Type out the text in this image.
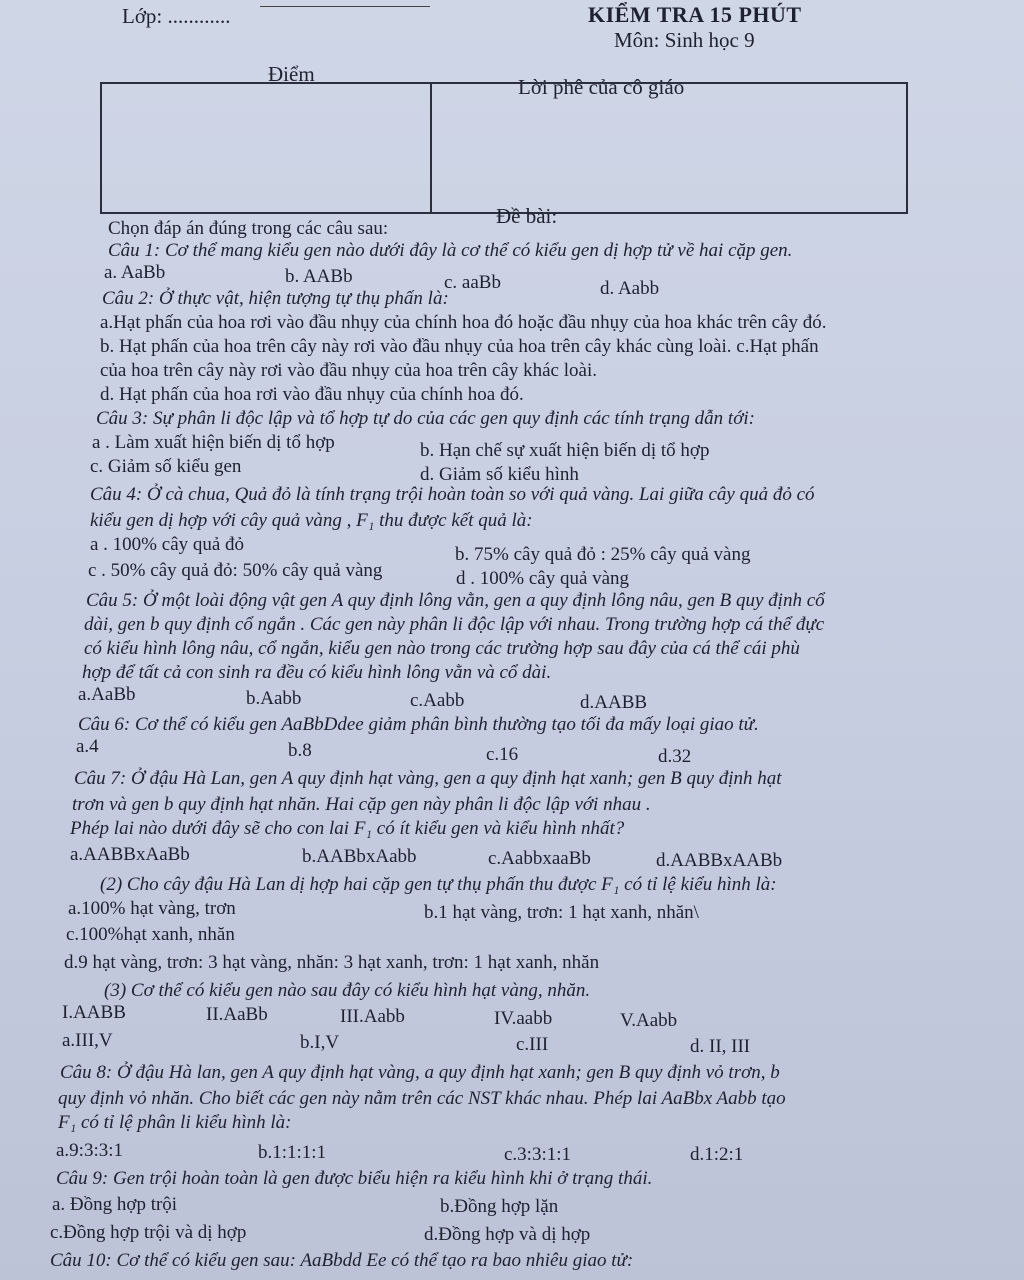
Lớp: ............	KIỂM TRA 15 PHÚT
Môn: Sinh học 9
Điểm
Lời phê của cô giáo
Đề bài:
Chọn đáp án đúng trong các câu sau:
Câu 1: Cơ thể mang kiểu gen nào dưới đây là cơ thể có kiểu gen dị hợp tử về hai cặp gen.
a. AaBb	b. AABb	c. aaBb	d. Aabb
Câu 2: Ở thực vật, hiện tượng tự thụ phấn là:
a.Hạt phấn của hoa rơi vào đầu nhụy của chính hoa đó hoặc đầu nhụy của hoa khác trên cây đó.
b. Hạt phấn của hoa trên cây này rơi vào đầu nhụy của hoa trên cây khác cùng loài. c.Hạt phấn
của hoa trên cây này rơi vào đầu nhụy của hoa trên cây khác loài.
d. Hạt phấn của hoa rơi vào đầu nhụy của chính hoa đó.
Câu 3: Sự phân li độc lập và tổ hợp tự do của các gen quy định các tính trạng dẫn tới:
a . Làm xuất hiện biến dị tổ hợp	b. Hạn chế sự xuất hiện biến dị tổ hợp
c. Giảm số kiểu gen	d. Giảm số kiểu hình
Câu 4: Ở cà chua, Quả đỏ là tính trạng trội hoàn toàn so với quả vàng. Lai giữa cây quả đỏ có
kiểu gen dị hợp với cây quả vàng , F₁ thu được kết quả là:
a . 100% cây quả đỏ	b. 75% cây quả đỏ : 25% cây quả vàng
c . 50% cây quả đỏ: 50% cây quả vàng	d . 100% cây quả vàng
Câu 5: Ở một loài động vật gen A quy định lông vằn, gen a quy định lông nâu, gen B quy định cổ
dài, gen b quy định cổ ngắn . Các gen này phân li độc lập với nhau. Trong trường hợp cá thể đực
có kiểu hình lông nâu, cổ ngắn, kiểu gen nào trong các trường hợp sau đây của cá thể cái phù
hợp để tất cả con sinh ra đều có kiểu hình lông vằn và cổ dài.
a.AaBb	b.Aabb	c.Aabb	d.AABB
Câu 6: Cơ thể có kiểu gen AaBbDdee giảm phân bình thường tạo tối đa mấy loại giao tử.
a.4	b.8	c.16	d.32
Câu 7: Ở đậu Hà Lan, gen A quy định hạt vàng, gen a quy định hạt xanh; gen B quy định hạt
trơn và gen b quy định hạt nhăn. Hai cặp gen này phân li độc lập với nhau .
Phép lai nào dưới đây sẽ cho con lai F₁ có ít kiểu gen và kiểu hình nhất?
a.AABBxAaBb	b.AABbxAabb	c.AabbxaaBb	d.AABBxAABb
(2) Cho cây đậu Hà Lan dị hợp hai cặp gen tự thụ phấn thu được F₁ có tỉ lệ kiểu hình là:
a.100% hạt vàng, trơn	b.1 hạt vàng, trơn: 1 hạt xanh, nhăn\
c.100%hạt xanh, nhăn
d.9 hạt vàng, trơn: 3 hạt vàng, nhăn: 3 hạt xanh, trơn: 1 hạt xanh, nhăn
(3) Cơ thể có kiểu gen nào sau đây có kiểu hình hạt vàng, nhăn.
I.AABB	II.AaBb	III.Aabb	IV.aabb	V.Aabb
a.III,V	b.I,V	c.III	d. II, III
Câu 8: Ở đậu Hà lan, gen A quy định hạt vàng, a quy định hạt xanh; gen B quy định vỏ trơn, b
quy định vỏ nhăn. Cho biết các gen này nằm trên các NST khác nhau. Phép lai AaBbx Aabb tạo
F₁ có tỉ lệ phân li kiểu hình là:
a.9:3:3:1	b.1:1:1:1	c.3:3:1:1	d.1:2:1
Câu 9: Gen trội hoàn toàn là gen được biểu hiện ra kiểu hình khi ở trạng thái.
a. Đồng hợp trội	b.Đồng hợp lặn
c.Đồng hợp trội và dị hợp	d.Đồng hợp và dị hợp
Câu 10: Cơ thể có kiểu gen sau: AaBbdd Ee có thể tạo ra bao nhiêu giao tử:
